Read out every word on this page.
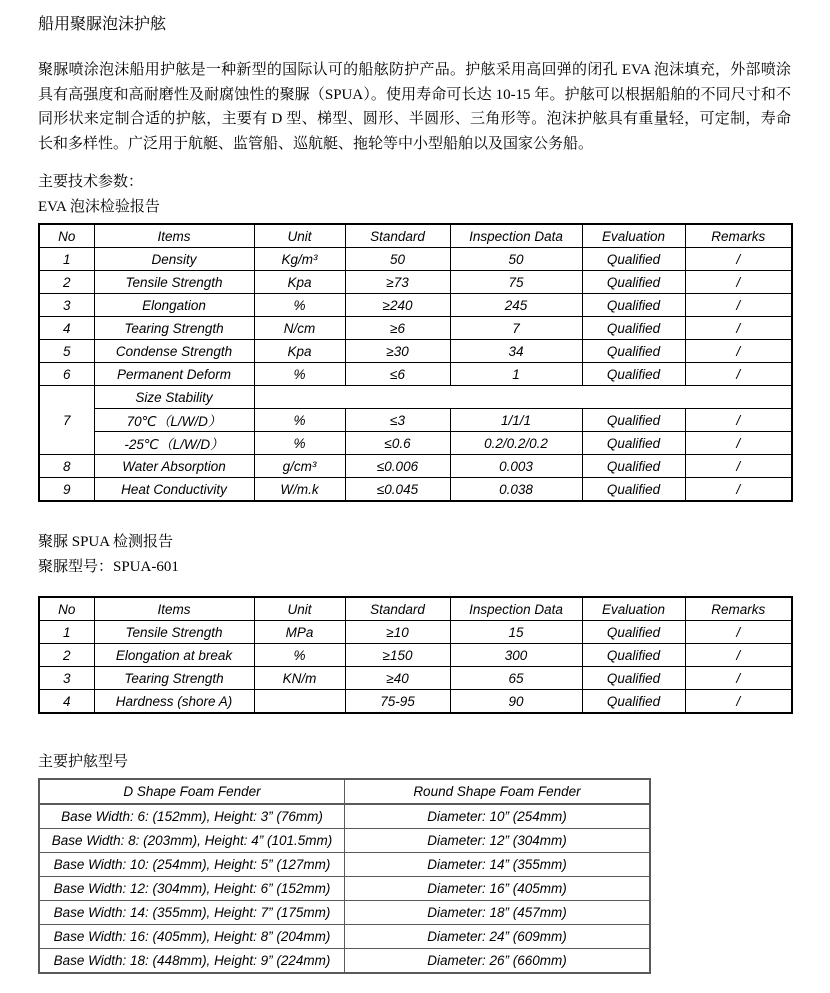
船用聚脲泡沫护舷

聚脲喷涂泡沫船用护舷是一种新型的国际认可的船舷防护产品。护舷采用高回弹的闭孔 EVA 泡沫填充，外部喷涂具有高强度和高耐磨性及耐腐蚀性的聚脲（SPUA）。使用寿命可长达 10-15 年。护舷可以根据船舶的不同尺寸和不同形状来定制合适的护舷，主要有 D 型、梯型、圆形、半圆形、三角形等。泡沫护舷具有重量轻，可定制，寿命长和多样性。广泛用于航艇、监管船、巡航艇、拖轮等中小型船舶以及国家公务船。

主要技术参数：
EVA 泡沫检验报告
No	Items	Unit	Standard	Inspection Data	Evaluation	Remarks
1	Density	Kg/m³	50	50	Qualified	/
2	Tensile Strength	Kpa	≥73	75	Qualified	/
3	Elongation	%	≥240	245	Qualified	/
4	Tearing Strength	N/cm	≥6	7	Qualified	/
5	Condense Strength	Kpa	≥30	34	Qualified	/
6	Permanent Deform	%	≤6	1	Qualified	/
7	Size Stability					
	70℃（L/W/D）	%	≤3	1/1/1	Qualified	/
	-25℃（L/W/D）	%	≤0.6	0.2/0.2/0.2	Qualified	/
8	Water Absorption	g/cm³	≤0.006	0.003	Qualified	/
9	Heat Conductivity	W/m.k	≤0.045	0.038	Qualified	/
聚脲 SPUA 检测报告
聚脲型号：SPUA-601
No	Items	Unit	Standard	Inspection Data	Evaluation	Remarks
1	Tensile Strength	MPa	≥10	15	Qualified	/
2	Elongation at break	%	≥150	300	Qualified	/
3	Tearing Strength	KN/m	≥40	65	Qualified	/
4	Hardness (shore A)		75-95	90	Qualified	/
主要护舷型号
D Shape Foam Fender	Round Shape Foam Fender
Base Width: 6: (152mm), Height: 3” (76mm)	Diameter: 10” (254mm)
Base Width: 8: (203mm), Height: 4” (101.5mm)	Diameter: 12” (304mm)
Base Width: 10: (254mm), Height: 5” (127mm)	Diameter: 14” (355mm)
Base Width: 12: (304mm), Height: 6” (152mm)	Diameter: 16” (405mm)
Base Width: 14: (355mm), Height: 7” (175mm)	Diameter: 18” (457mm)
Base Width: 16: (405mm), Height: 8” (204mm)	Diameter: 24” (609mm)
Base Width: 18: (448mm), Height: 9” (224mm)	Diameter: 26” (660mm)
